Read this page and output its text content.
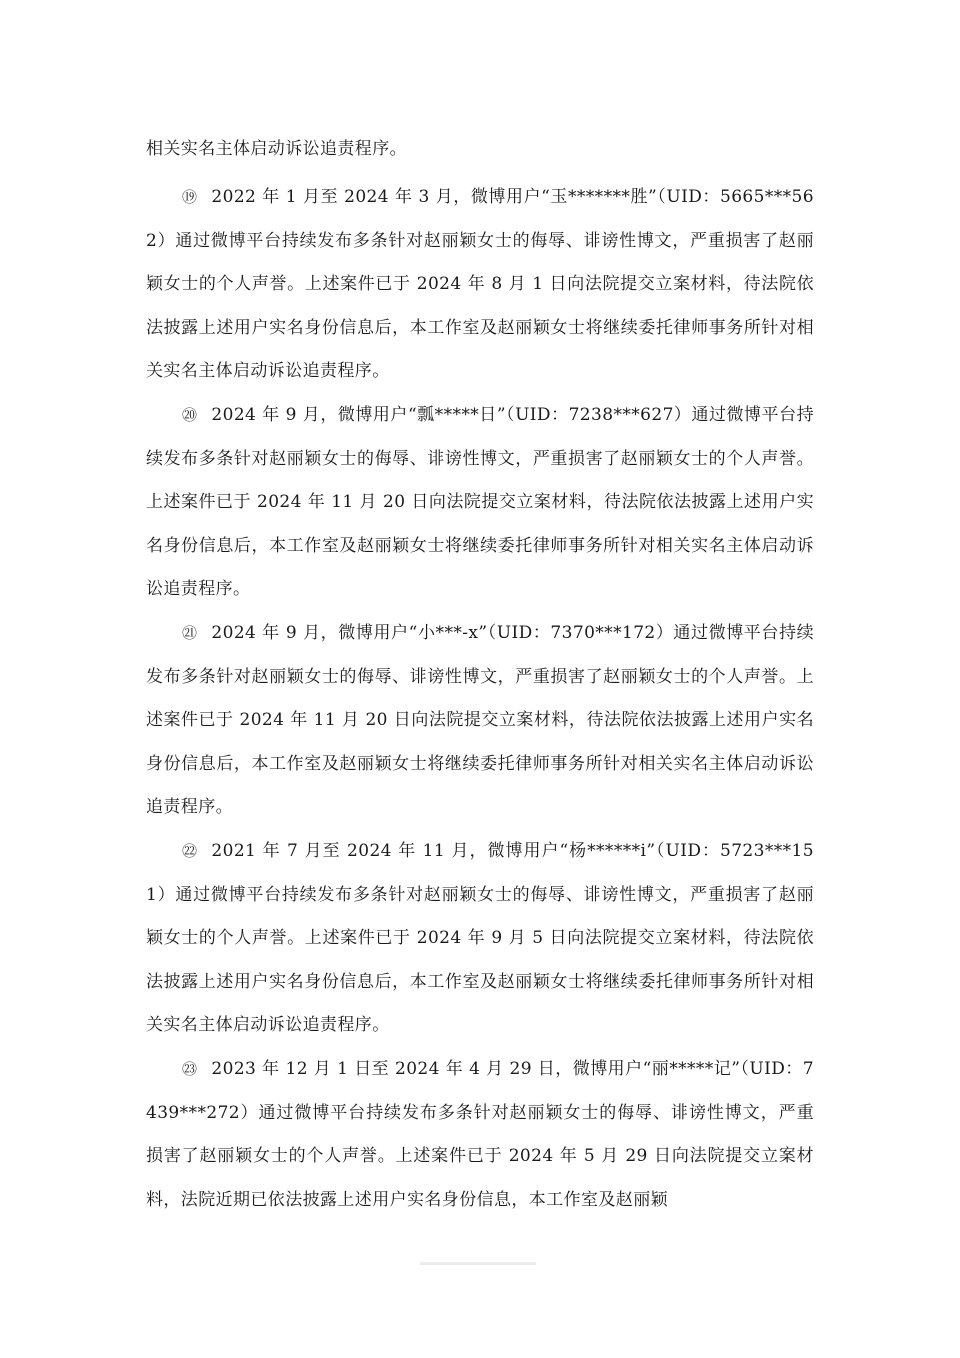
相关实名主体启动诉讼追责程序。
⑲ 2022 年 1 月至 2024 年 3 月，微博用户“玉*******胜”（UID：5665*​**562）通过微博平台持续发布多条针对赵丽颖女士的侮辱、诽谤性博文，严重损害了赵丽颖女士的个人声誉。上述案件已于 2024 年 8 月 1 日向法院提交立案材料，待法院依法披露上述用户实名身份信息后，本工作室及赵丽颖女士将继续委托律师事务所针对相关实名主体启动诉讼追责程序。
⑳ 2024 年 9 月，微博用户“瓢*****日”（UID：7238***627）通过微博平台持续发布多条针对赵丽颖女士的侮辱、诽谤性博文，严重损害了赵丽颖女士的个人声誉。上述案件已于 2024 年 11 月 20 日向法院提交立案材料，待法院依法披露上述用户实名身份信息后，本工作室及赵丽颖女士将继续委托律师事务所针对相关实名主体启动诉讼追责程序。
㉑ 2024 年 9 月，微博用户“小***-x”（UID：7370***172）通过微博平台持续发布多条针对赵丽颖女士的侮辱、诽谤性博文，严重损害了赵丽颖女士的个人声誉。上述案件已于 2024 年 11 月 20 日向法院提交立案材料，待法院依法披露上述用户实名身份信息后，本工作室及赵丽颖女士将继续委托律师事务所针对相关实名主体启动诉讼追责程序。
㉒ 2021 年 7 月至 2024 年 11 月，微博用户“杨******i”（UID：5723***151）通过微博平台持续发布多条针对赵丽颖女士的侮辱、诽谤性博文，严重损害了赵丽颖女士的个人声誉。上述案件已于 2024 年 9 月 5 日向法院提交立案材料，待法院依法披露上述用户实名身份信息后，本工作室及赵丽颖女士将继续委托律师事务所针对相关实名主体启动诉讼追责程序。
㉓ 2023 年 12 月 1 日至 2024 年 4 月 29 日，微博用户“丽*****记”（UID：7439***272）通过微博平台持续发布多条针对赵丽颖女士的侮辱、诽谤性博文，严重损害了赵丽颖女士的个人声誉。上述案件已于 2024 年 5 月 29 日向法院提交立案材料，法院近期已依法披露上述用户实名身份信息，本工作室及赵丽颖
